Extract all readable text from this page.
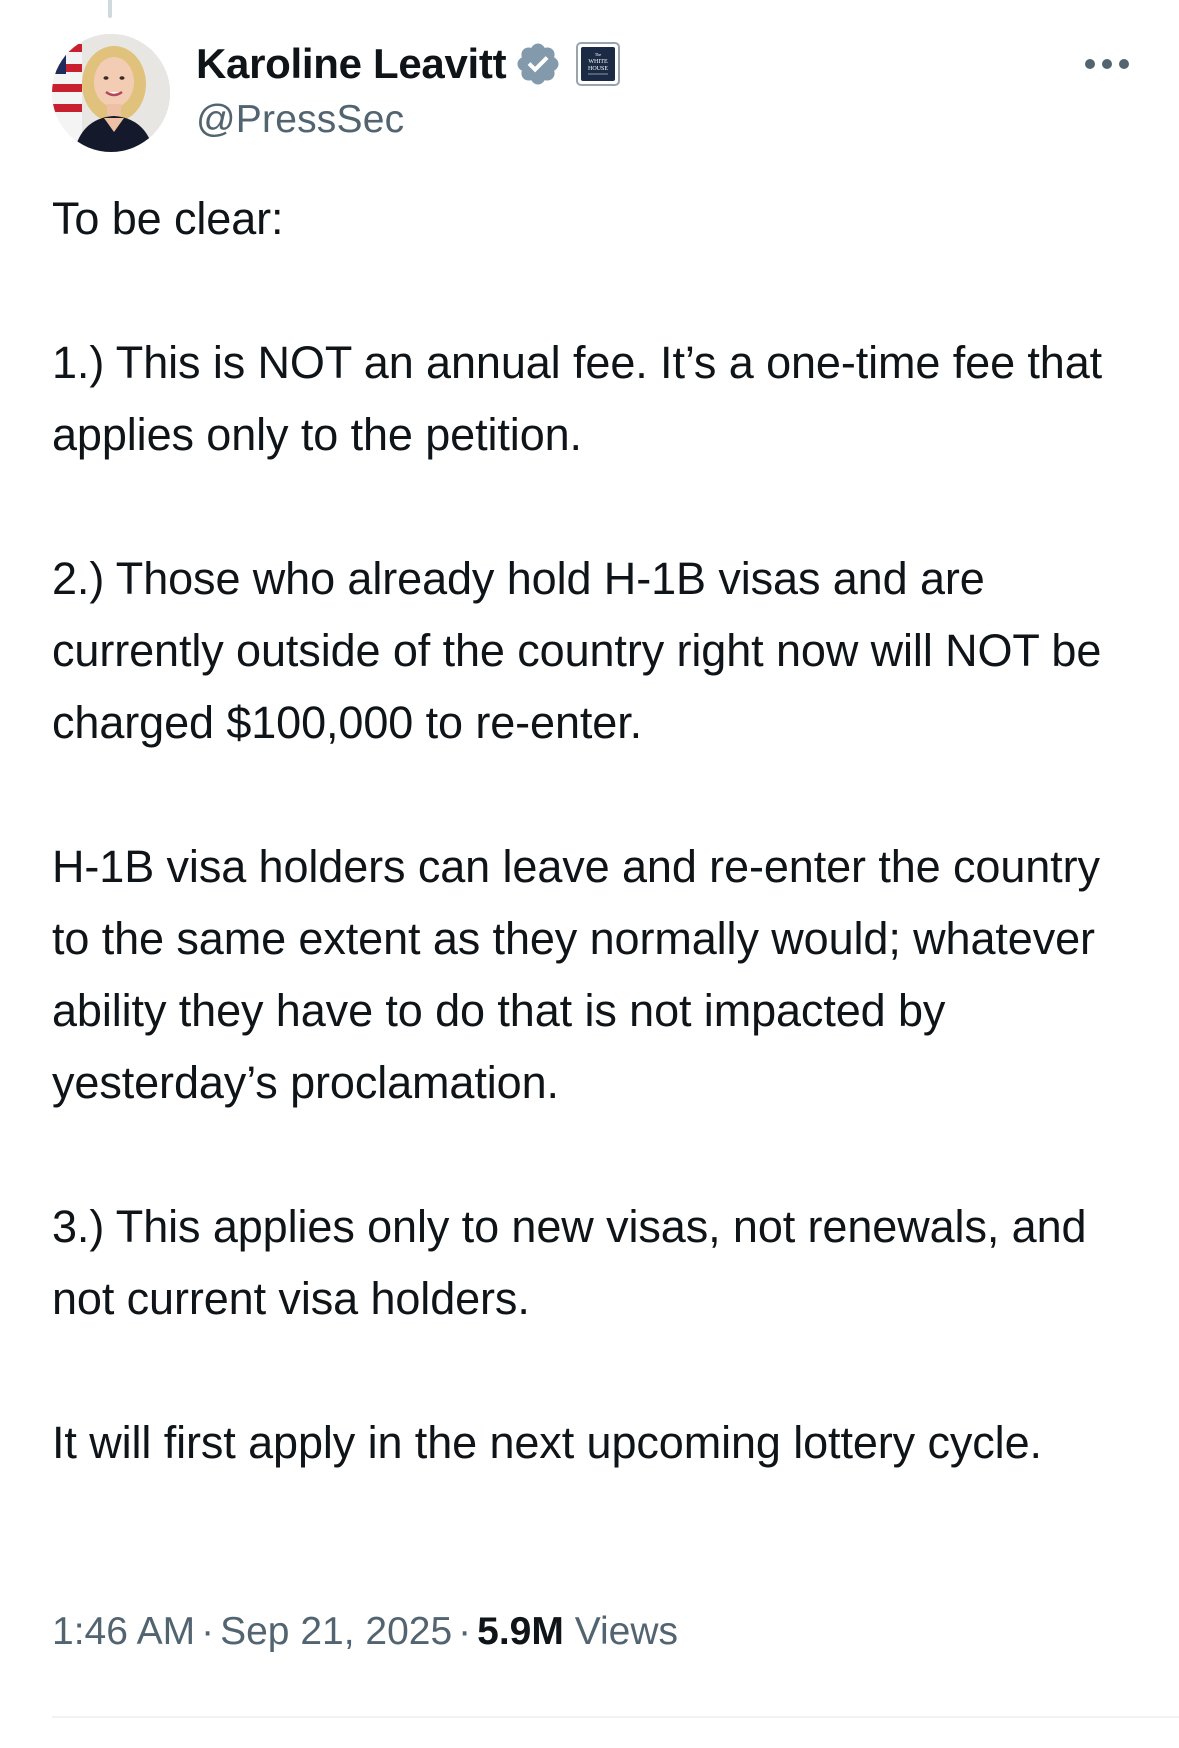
Karoline Leavitt	The
WHITE
HOUSE
@PressSec

To be clear:

1.) This is NOT an annual fee. It’s a one-time fee that applies only to the petition.

2.) Those who already hold H-1B visas and are currently outside of the country right now will NOT be charged $100,000 to re-enter.

H-1B visa holders can leave and re-enter the country to the same extent as they normally would; whatever ability they have to do that is not impacted by yesterday’s proclamation.

3.) This applies only to new visas, not renewals, and not current visa holders.

It will first apply in the next upcoming lottery cycle.

1:46 AM · Sep 21, 2025 · 5.9M Views
